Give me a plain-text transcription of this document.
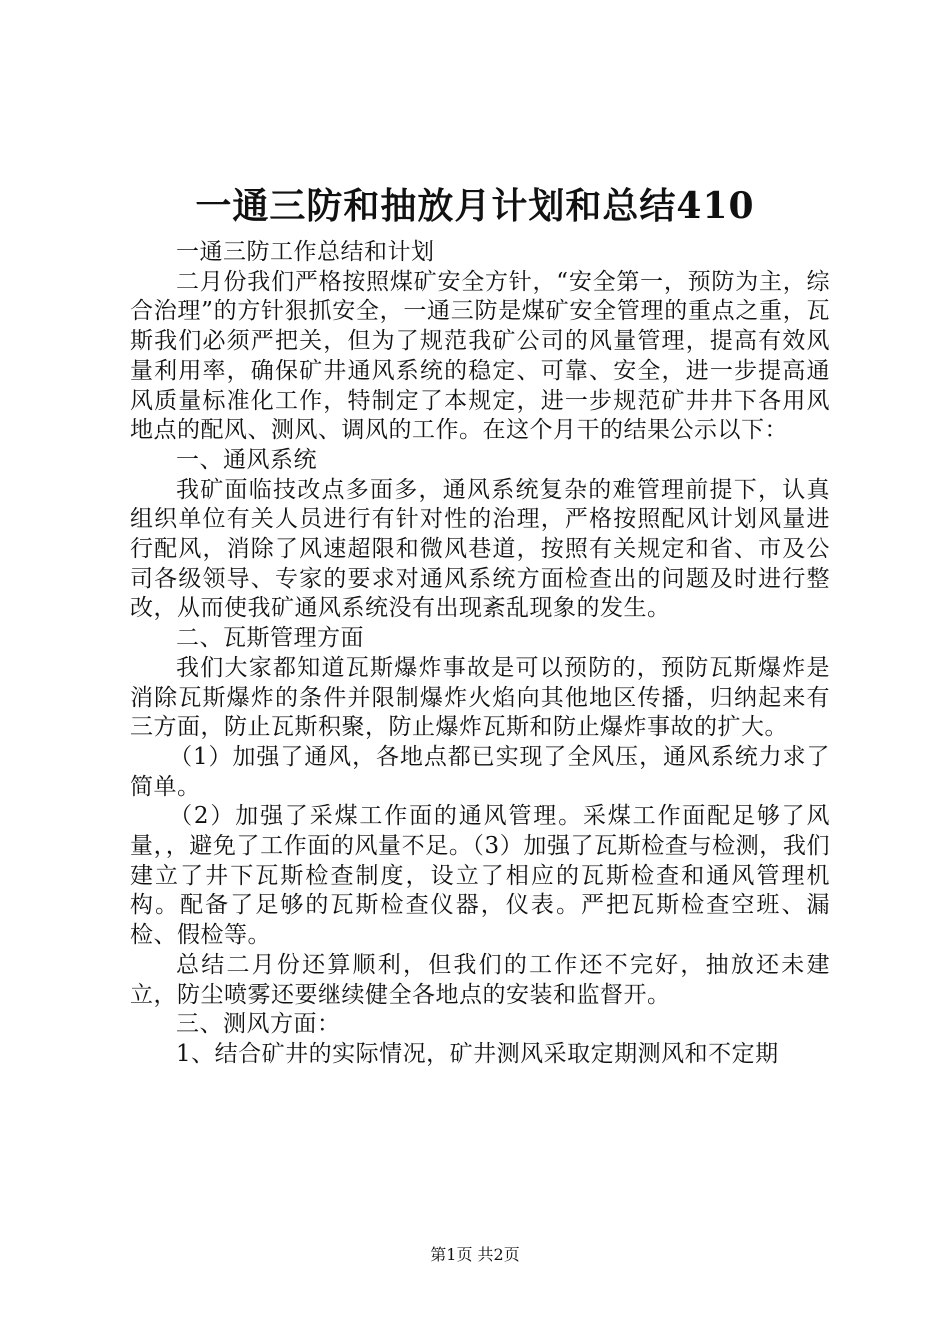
一通三防和抽放月计划和总结410

一通三防工作总结和计划

二月份我们严格按照煤矿安全方针，“安全第一，预防为主，综合治理”的方针狠抓安全，一通三防是煤矿安全管理的重点之重，瓦斯我们必须严把关，但为了规范我矿公司的风量管理，提高有效风量利用率，确保矿井通风系统的稳定、可靠、安全，进一步提高通风质量标准化工作，特制定了本规定，进一步规范矿井井下各用风地点的配风、测风、调风的工作。在这个月干的结果公示以下：

一、通风系统

我矿面临技改点多面多，通风系统复杂的难管理前提下，认真组织单位有关人员进行有针对性的治理，严格按照配风计划风量进行配风，消除了风速超限和微风巷道，按照有关规定和省、市及公司各级领导、专家的要求对通风系统方面检查出的问题及时进行整改，从而使我矿通风系统没有出现紊乱现象的发生。

二、瓦斯管理方面

我们大家都知道瓦斯爆炸事故是可以预防的，预防瓦斯爆炸是消除瓦斯爆炸的条件并限制爆炸火焰向其他地区传播，归纳起来有三方面，防止瓦斯积聚，防止爆炸瓦斯和防止爆炸事故的扩大。

（1）加强了通风，各地点都已实现了全风压，通风系统力求了简单。

（2）加强了采煤工作面的通风管理。采煤工作面配足够了风量，，避免了工作面的风量不足。（3）加强了瓦斯检查与检测，我们建立了井下瓦斯检查制度，设立了相应的瓦斯检查和通风管理机构。配备了足够的瓦斯检查仪器，仪表。严把瓦斯检查空班、漏检、假检等。

总结二月份还算顺利，但我们的工作还不完好，抽放还未建立，防尘喷雾还要继续健全各地点的安装和监督开。

三、测风方面：

1、结合矿井的实际情况，矿井测风采取定期测风和不定期

第1页 共2页
